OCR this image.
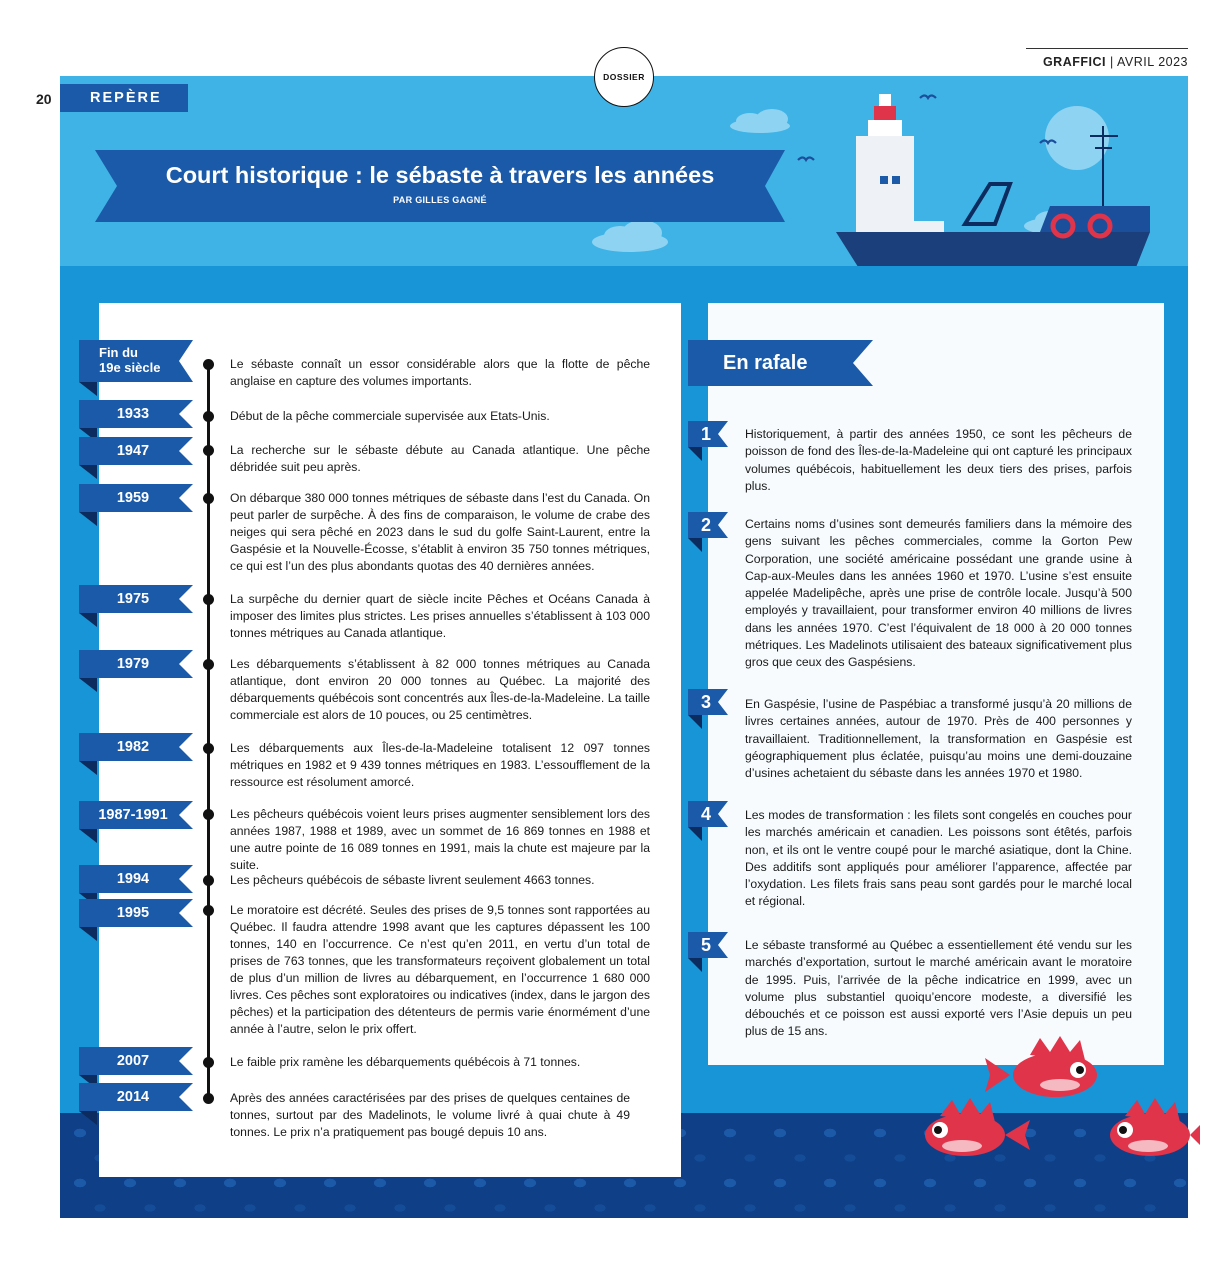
GRAFFICI | AVRIL 2023
20	REPÈRE
DOSSIER
Court historique : le sébaste à travers les années
PAR GILLES GAGNÉ
Fin du
19e siècle	Le sébaste connaît un essor considérable alors que la flotte de pêche anglaise en capture des volumes importants.
1933	Début de la pêche commerciale supervisée aux Etats-Unis.
1947	La recherche sur le sébaste débute au Canada atlantique. Une pêche débridée suit peu après.
1959	On débarque 380 000 tonnes métriques de sébaste dans l’est du Canada. On peut parler de surpêche. À des fins de comparaison, le volume de crabe des neiges qui sera pêché en 2023 dans le sud du golfe Saint-Laurent, entre la Gaspésie et la Nouvelle-Écosse, s’établit à environ 35 750 tonnes métriques, ce qui est l’un des plus abondants quotas des 40 dernières années.
1975	La surpêche du dernier quart de siècle incite Pêches et Océans Canada à imposer des limites plus strictes. Les prises annuelles s’établissent à 103 000 tonnes métriques au Canada atlantique.
1979	Les débarquements s’établissent à 82 000 tonnes métriques au Canada atlantique, dont environ 20 000 tonnes au Québec. La majorité des débarquements québécois sont concentrés aux Îles-de-la-Madeleine. La taille commerciale est alors de 10 pouces, ou 25 centimètres.
1982	Les débarquements aux Îles-de-la-Madeleine totalisent 12 097 tonnes métriques en 1982 et 9 439 tonnes métriques en 1983. L’essoufflement de la ressource est résolument amorcé.
1987-1991	Les pêcheurs québécois voient leurs prises augmenter sensiblement lors des années 1987, 1988 et 1989, avec un sommet de 16 869 tonnes en 1988 et une autre pointe de 16 089 tonnes en 1991, mais la chute est majeure par la suite.
1994	Les pêcheurs québécois de sébaste livrent seulement 4663 tonnes.
1995	Le moratoire est décrété. Seules des prises de 9,5 tonnes sont rapportées au Québec. Il faudra attendre 1998 avant que les captures dépassent les 100 tonnes, 140 en l’occurrence. Ce n’est qu’en 2011, en vertu d’un total de prises de 763 tonnes, que les transformateurs reçoivent globalement un total de plus d’un million de livres au débarquement, en l’occurrence 1 680 000 livres. Ces pêches sont exploratoires ou indicatives (index, dans le jargon des pêches) et la participation des détenteurs de permis varie énormément d’une année à l’autre, selon le prix offert.
2007	Le faible prix ramène les débarquements québécois à 71 tonnes.
2014	Après des années caractérisées par des prises de quelques centaines de tonnes, surtout par des Madelinots, le volume livré à quai chute à 49 tonnes. Le prix n’a pratiquement pas bougé depuis 10 ans.
En rafale
1	Historiquement, à partir des années 1950, ce sont les pêcheurs de poisson de fond des Îles-de-la-Madeleine qui ont capturé les principaux volumes québécois, habituellement les deux tiers des prises, parfois plus.
2	Certains noms d’usines sont demeurés familiers dans la mémoire des gens suivant les pêches commerciales, comme la Gorton Pew Corporation, une société américaine possédant une grande usine à Cap-aux-Meules dans les années 1960 et 1970. L’usine s’est ensuite appelée Madelipêche, après une prise de contrôle locale. Jusqu’à 500 employés y travaillaient, pour transformer environ 40 millions de livres dans les années 1970. C’est l’équivalent de 18 000 à 20 000 tonnes métriques. Les Madelinots utilisaient des bateaux significativement plus gros que ceux des Gaspésiens.
3	En Gaspésie, l’usine de Paspébiac a transformé jusqu’à 20 millions de livres certaines années, autour de 1970. Près de 400 personnes y travaillaient. Traditionnellement, la transformation en Gaspésie est géographiquement plus éclatée, puisqu’au moins une demi-douzaine d’usines achetaient du sébaste dans les années 1970 et 1980.
4	Les modes de transformation : les filets sont congelés en couches pour les marchés américain et canadien. Les poissons sont étêtés, parfois non, et ils ont le ventre coupé pour le marché asiatique, dont la Chine. Des additifs sont appliqués pour améliorer l’apparence, affectée par l’oxydation. Les filets frais sans peau sont gardés pour le marché local et régional.
5	Le sébaste transformé au Québec a essentiellement été vendu sur les marchés d’exportation, surtout le marché américain avant le moratoire de 1995. Puis, l’arrivée de la pêche indicatrice en 1999, avec un volume plus substantiel quoiqu’encore modeste, a diversifié les débouchés et ce poisson est aussi exporté vers l’Asie depuis un peu plus de 15 ans.
